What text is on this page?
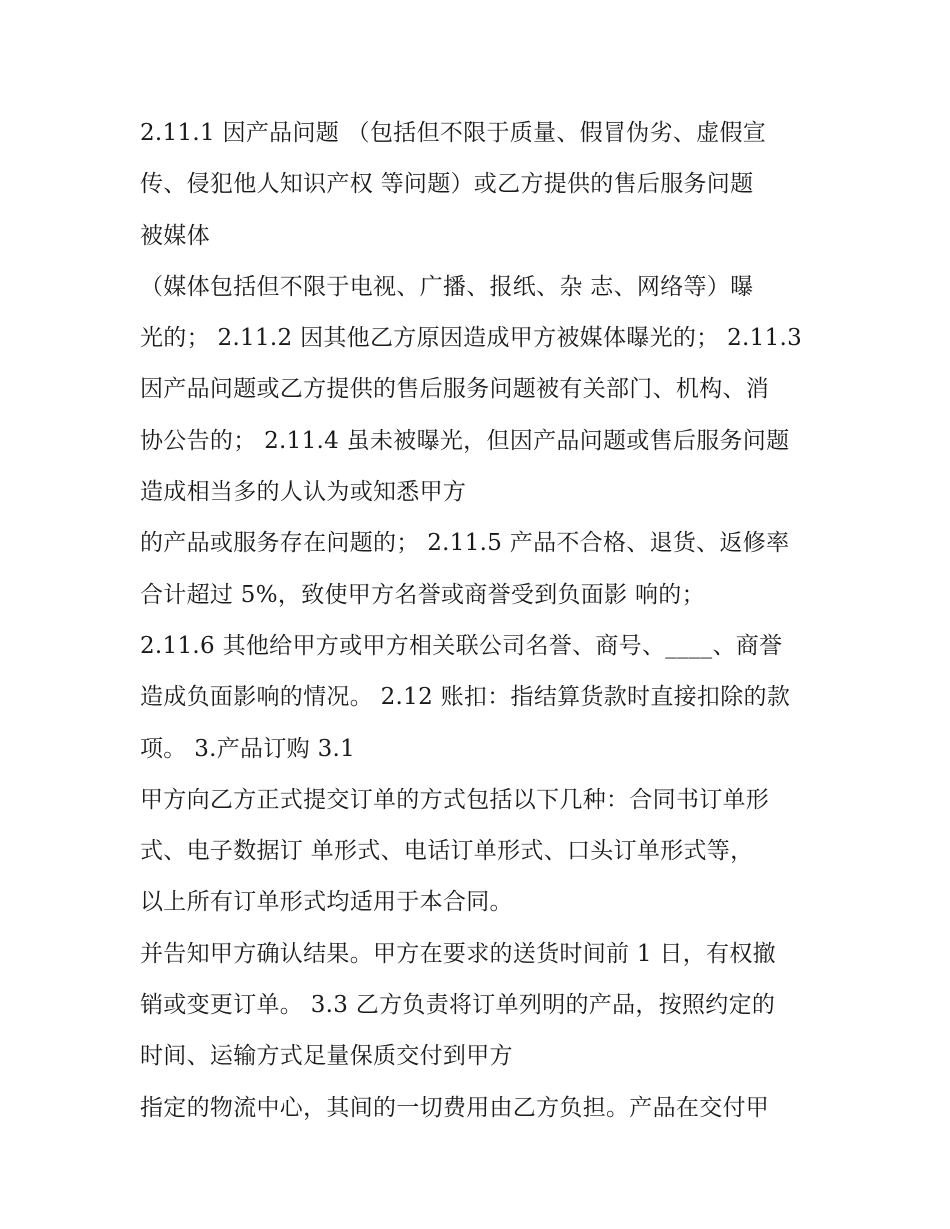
2.11.1 因产品问题 （包括但不限于质量、假冒伪劣、虚假宣
传、侵犯他人知识产权 等问题）或乙方提供的售后服务问题
被媒体
（媒体包括但不限于电视、广播、报纸、杂 志、网络等）曝
光的； 2.11.2 因其他乙方原因造成甲方被媒体曝光的； 2.11.3
因产品问题或乙方提供的售后服务问题被有关部门、机构、消
协公告的； 2.11.4 虽未被曝光，但因产品问题或售后服务问题
造成相当多的人认为或知悉甲方
的产品或服务存在问题的； 2.11.5 产品不合格、退货、返修率
合计超过 5%，致使甲方名誉或商誉受到负面影 响的；
2.11.6 其他给甲方或甲方相关联公司名誉、商号、____、商誉
造成负面影响的情况。 2.12 账扣：指结算货款时直接扣除的款
项。 3.产品订购 3.1
甲方向乙方正式提交订单的方式包括以下几种：合同书订单形
式、电子数据订 单形式、电话订单形式、口头订单形式等，
以上所有订单形式均适用于本合同。
并告知甲方确认结果。甲方在要求的送货时间前 1 日，有权撤
销或变更订单。 3.3 乙方负责将订单列明的产品，按照约定的
时间、运输方式足量保质交付到甲方
指定的物流中心，其间的一切费用由乙方负担。产品在交付甲
